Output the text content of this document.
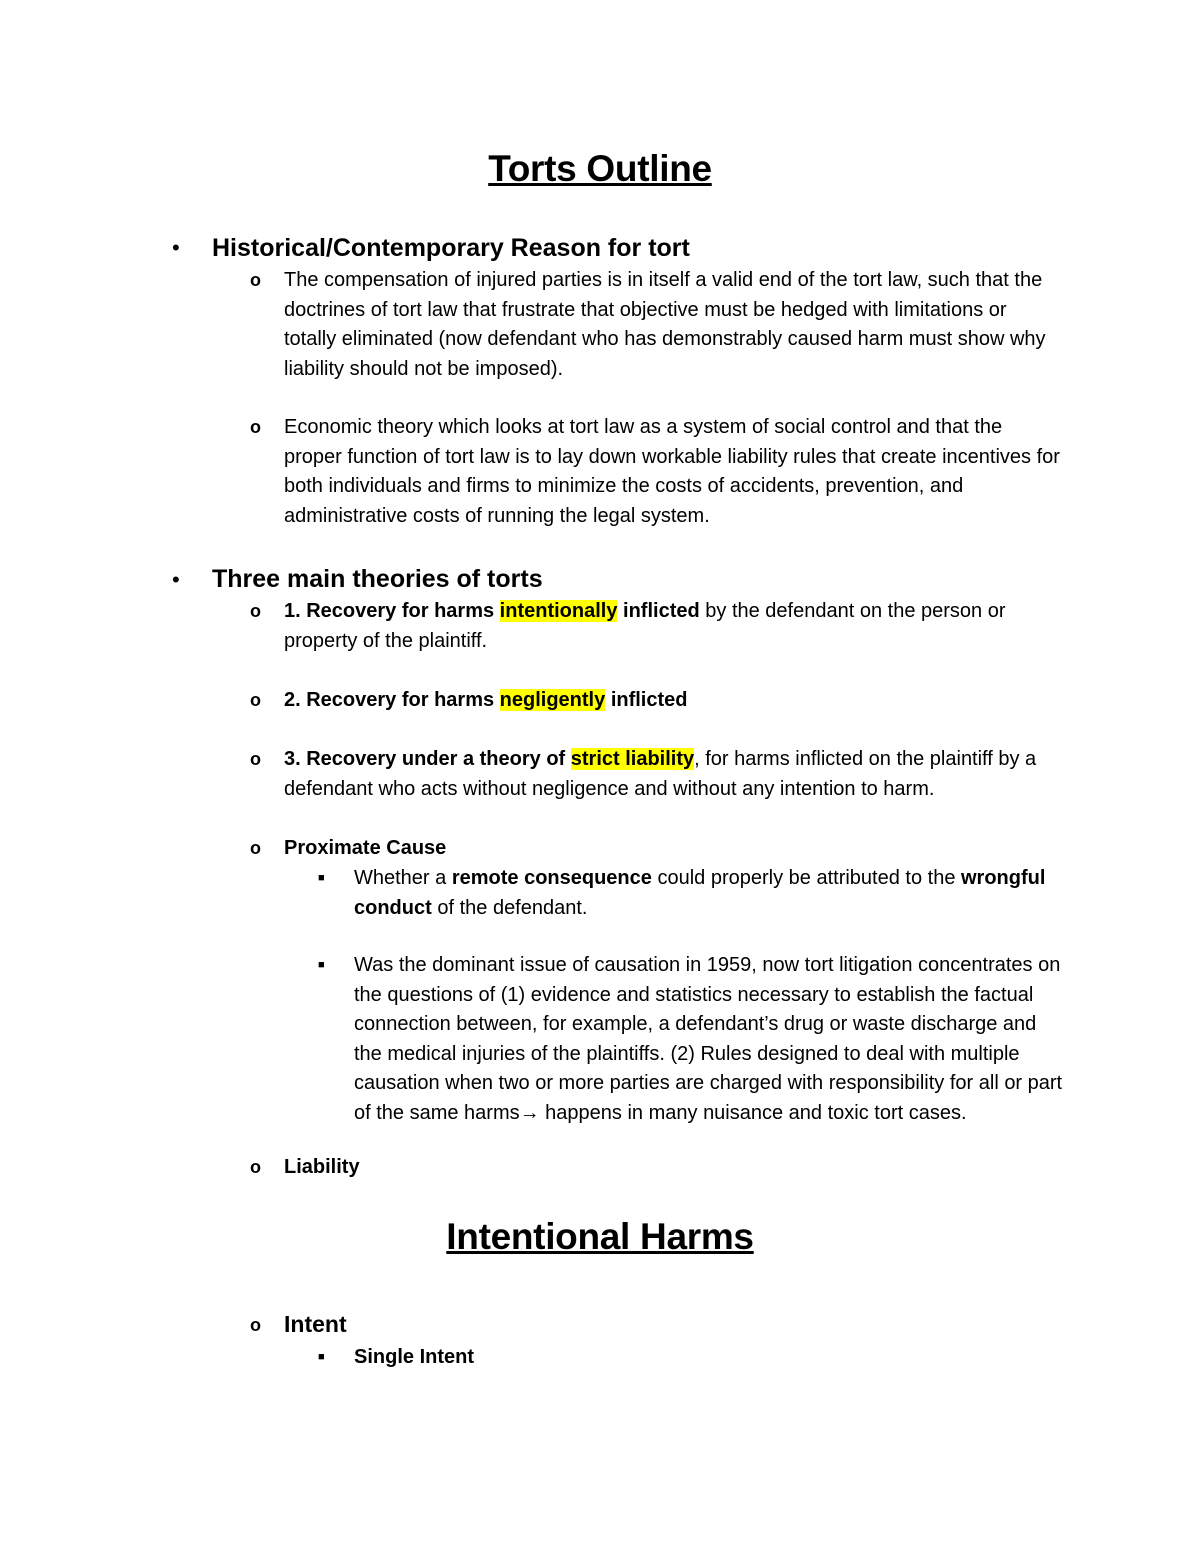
Torts Outline
• Historical/Contemporary Reason for tort
o The compensation of injured parties is in itself a valid end of the tort law, such that the doctrines of tort law that frustrate that objective must be hedged with limitations or totally eliminated (now defendant who has demonstrably caused harm must show why liability should not be imposed).
o Economic theory which looks at tort law as a system of social control and that the proper function of tort law is to lay down workable liability rules that create incentives for both individuals and firms to minimize the costs of accidents, prevention, and administrative costs of running the legal system.
• Three main theories of torts
o 1. Recovery for harms intentionally inflicted by the defendant on the person or property of the plaintiff.
o 2. Recovery for harms negligently inflicted
o 3. Recovery under a theory of strict liability, for harms inflicted on the plaintiff by a defendant who acts without negligence and without any intention to harm.
o Proximate Cause
■ Whether a remote consequence could properly be attributed to the wrongful conduct of the defendant.
■ Was the dominant issue of causation in 1959, now tort litigation concentrates on the questions of (1) evidence and statistics necessary to establish the factual connection between, for example, a defendant’s drug or waste discharge and the medical injuries of the plaintiffs. (2) Rules designed to deal with multiple causation when two or more parties are charged with responsibility for all or part of the same harms→ happens in many nuisance and toxic tort cases.
o Liability
Intentional Harms
o Intent
■ Single Intent
